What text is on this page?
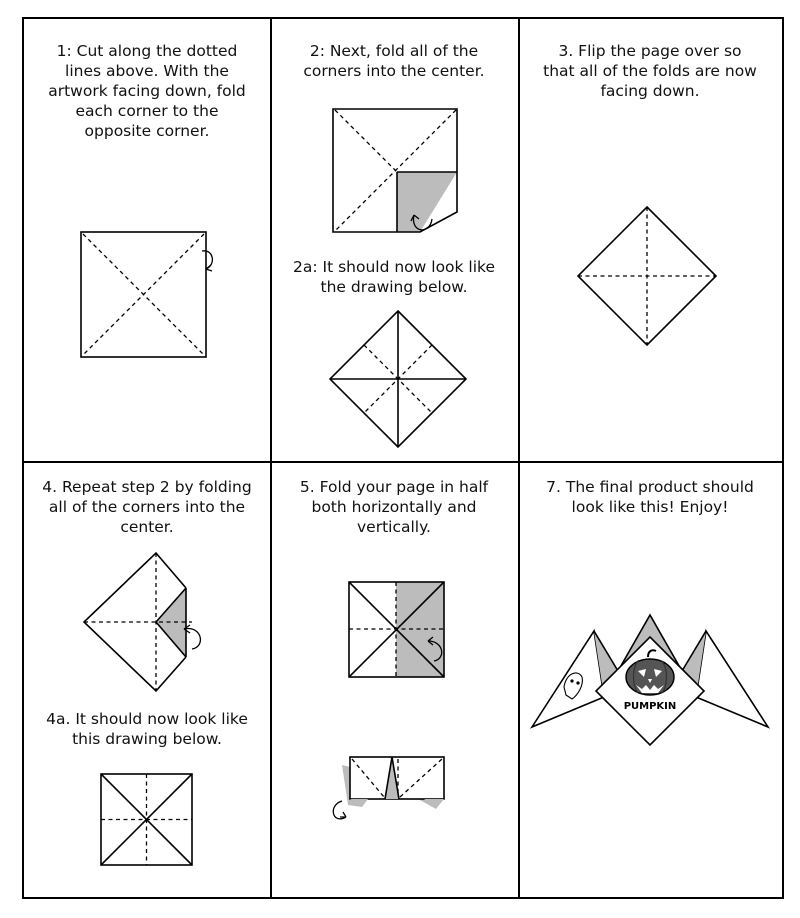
1: Cut along the dotted lines above. With the artwork facing down, fold each corner to the opposite corner.
2: Next, fold all of the corners into the center.
2a: It should now look like the drawing below.
3. Flip the page over so that all of the folds are now facing down.
4. Repeat step 2 by folding all of the corners into the center.
4a. It should now look like this drawing below.
5. Fold your page in half both horizontally and vertically.
7. The final product should look like this! Enjoy!
PUMPKIN
